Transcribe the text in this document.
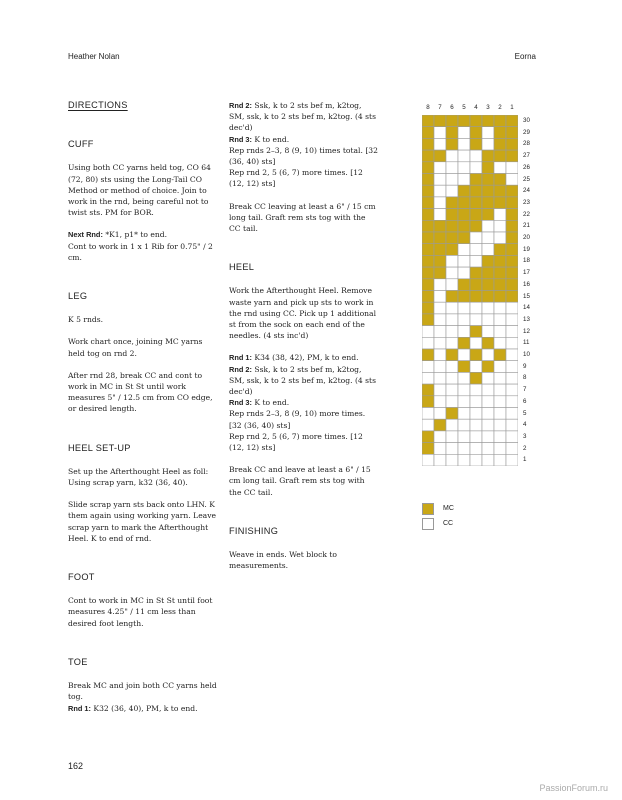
Heather Nolan	Eorna
DIRECTIONS
CUFF

Using both CC yarns held tog, CO 64 (72, 80) sts using the Long-Tail CO Method or method of choice. Join to work in the rnd, being careful not to twist sts. PM for BOR.

Next Rnd: *K1, p1* to end.

Cont to work in 1 x 1 Rib for 0.75" / 2 cm.

LEG

K 5 rnds.

Work chart once, joining MC yarns held tog on rnd 2.

After rnd 28, break CC and cont to work in MC in St St until work measures 5" / 12.5 cm from CO edge, or desired length.

HEEL SET-UP

Set up the Afterthought Heel as foll: Using scrap yarn, k32 (36, 40).

Slide scrap yarn sts back onto LHN. K them again using working yarn. Leave scrap yarn to mark the Afterthought Heel. K to end of rnd.

FOOT

Cont to work in MC in St St until foot measures 4.25" / 11 cm less than desired foot length.

TOE

Break MC and join both CC yarns held tog.

Rnd 1: K32 (36, 40), PM, k to end.

Rnd 2: Ssk, k to 2 sts bef m, k2tog, SM, ssk, k to 2 sts bef m, k2tog. (4 sts dec'd)

Rnd 3: K to end.

Rep rnds 2–3, 8 (9, 10) times total. [32 (36, 40) sts]

Rep rnd 2, 5 (6, 7) more times. [12 (12, 12) sts]

Break CC leaving at least a 6" / 15 cm long tail. Graft rem sts tog with the CC tail.

HEEL

Work the Afterthought Heel. Remove waste yarn and pick up sts to work in the rnd using CC. Pick up 1 additional st from the sock on each end of the needles. (4 sts inc'd)

Rnd 1: K34 (38, 42), PM, k to end.

Rnd 2: Ssk, k to 2 sts bef m, k2tog, SM, ssk, k to 2 sts bef m, k2tog. (4 sts dec'd)

Rnd 3: K to end.

Rep rnds 2–3, 8 (9, 10) more times. [32 (36, 40) sts]

Rep rnd 2, 5 (6, 7) more times. [12 (12, 12) sts]

Break CC and leave at least a 6" / 15 cm long tail. Graft rem sts tog with the CC tail.

FINISHING

Weave in ends. Wet block to measurements.

8	7	6	5	4	3	2	1
30
29
28
27
26
25
24
23
22
21
20
19
18
17
16
15
14
13
12
11
10
9
8
7
6
5
4
3
2
1
MC
CC
162
PassionForum.ru
